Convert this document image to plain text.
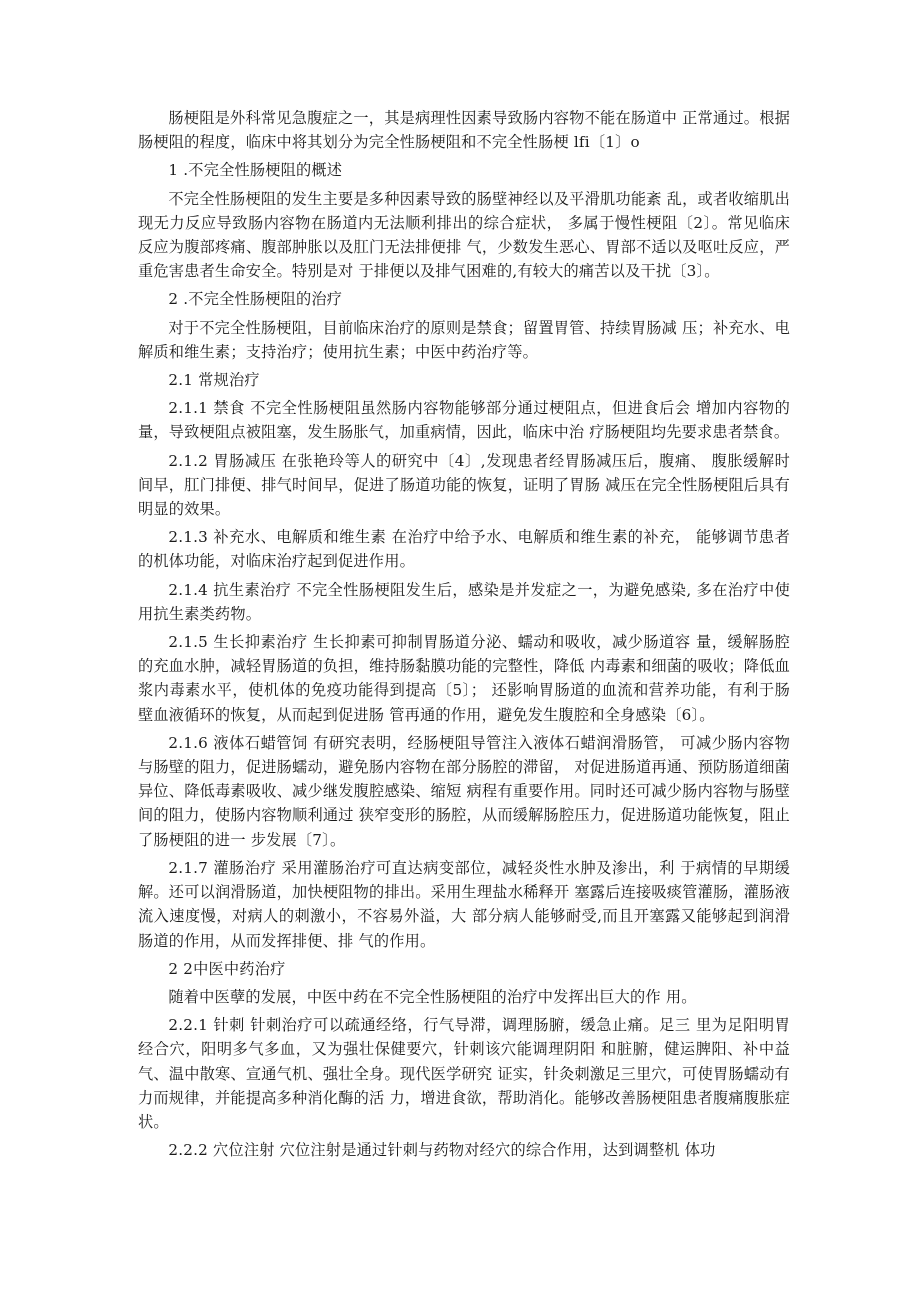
肠梗阻是外科常见急腹症之一，其是病理性因素导致肠内容物不能在肠道中 正常通过。根据肠梗阻的程度，临床中将其划分为完全性肠梗阻和不完全性肠梗 lfi〔1〕o

1 .不完全性肠梗阻的概述

不完全性肠梗阻的发生主要是多种因素导致的肠壁神经以及平滑肌功能紊 乱，或者收缩肌出现无力反应导致肠内容物在肠道内无法顺利排出的综合症状， 多属于慢性梗阻〔2〕。常见临床反应为腹部疼痛、腹部肿胀以及肛门无法排便排 气，少数发生恶心、胃部不适以及呕吐反应，严重危害患者生命安全。特别是对 于排便以及排气困难的,有较大的痛苦以及干扰〔3〕。

2 .不完全性肠梗阻的治疗

对于不完全性肠梗阻，目前临床治疗的原则是禁食；留置胃管、持续胃肠减 压；补充水、电解质和维生素；支持治疗；使用抗生素；中医中药治疗等。

2.1 常规治疗

2.1.1 禁食 不完全性肠梗阻虽然肠内容物能够部分通过梗阻点，但进食后会 增加内容物的量，导致梗阻点被阻塞，发生肠胀气，加重病情，因此，临床中治 疗肠梗阻均先要求患者禁食。

2.1.2 胃肠减压 在张艳玲等人的研究中〔4〕,发现患者经胃肠减压后，腹痛、 腹胀缓解时间早，肛门排便、排气时间早，促进了肠道功能的恢复，证明了胃肠 减压在完全性肠梗阻后具有明显的效果。

2.1.3 补充水、电解质和维生素 在治疗中给予水、电解质和维生素的补充， 能够调节患者的机体功能，对临床治疗起到促进作用。

2.1.4 抗生素治疗 不完全性肠梗阻发生后，感染是并发症之一，为避免感染, 多在治疗中使用抗生素类药物。

2.1.5 生长抑素治疗 生长抑素可抑制胃肠道分泌、蠕动和吸收，减少肠道容 量，缓解肠腔的充血水肿，减轻胃肠道的负担，维持肠黏膜功能的完整性，降低 内毒素和细菌的吸收；降低血浆内毒素水平，使机体的免疫功能得到提高〔5〕； 还影响胃肠道的血流和营养功能，有利于肠壁血液循环的恢复，从而起到促进肠 管再通的作用，避免发生腹腔和全身感染〔6〕。

2.1.6 液体石蜡管饲 有研究表明，经肠梗阻导管注入液体石蜡润滑肠管， 可减少肠内容物与肠壁的阻力，促进肠蠕动，避免肠内容物在部分肠腔的滞留， 对促进肠道再通、预防肠道细菌异位、降低毒素吸收、减少继发腹腔感染、缩短 病程有重要作用。同时还可减少肠内容物与肠壁间的阻力，使肠内容物顺利通过 狭窄变形的肠腔，从而缓解肠腔压力，促进肠道功能恢复，阻止了肠梗阻的进一 步发展〔7〕。

2.1.7 灌肠治疗 采用灌肠治疗可直达病变部位，减轻炎性水肿及渗出，利 于病情的早期缓解。还可以润滑肠道，加快梗阻物的排出。采用生理盐水稀释开 塞露后连接吸痰管灌肠，灌肠液流入速度慢，对病人的刺激小，不容易外溢，大 部分病人能够耐受,而且开塞露又能够起到润滑肠道的作用，从而发挥排便、排 气的作用。

2 2中医中药治疗

随着中医孽的发展，中医中药在不完全性肠梗阻的治疗中发挥出巨大的作 用。

2.2.1 针刺 针刺治疗可以疏通经络，行气导滞，调理肠腑，缓急止痛。足三 里为足阳明胃经合穴，阳明多气多血，又为强壮保健要穴，针刺该穴能调理阴阳 和脏腑，健运脾阳、补中益气、温中散寒、宣通气机、强壮全身。现代医学研究 证实，针灸刺激足三里穴，可使胃肠蠕动有力而规律，并能提高多种消化酶的活 力，增进食欲，帮助消化。能够改善肠梗阻患者腹痛腹胀症状。

2.2.2 穴位注射 穴位注射是通过针刺与药物对经穴的综合作用，达到调整机 体功
